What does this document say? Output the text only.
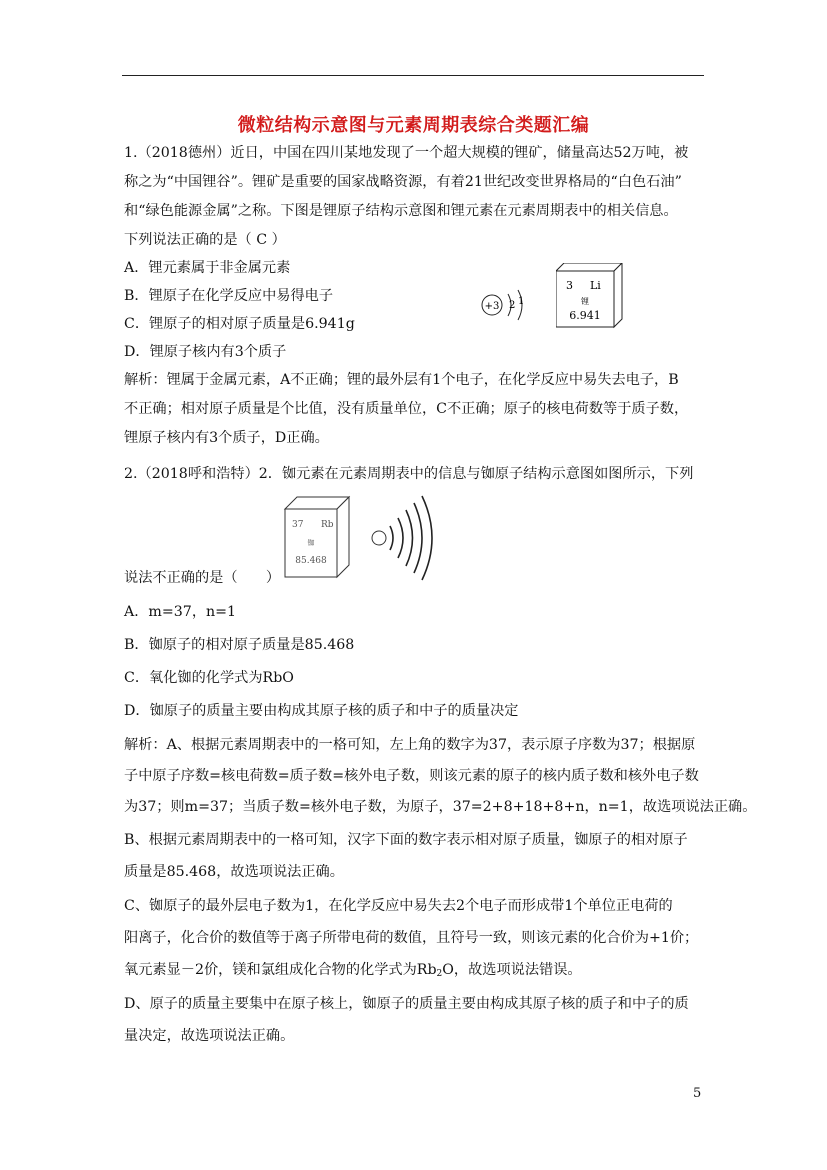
微粒结构示意图与元素周期表综合类题汇编
1.（2018德州）近日，中国在四川某地发现了一个超大规模的锂矿，储量高达52万吨，被
称之为“中国锂谷”。锂矿是重要的国家战略资源，有着21世纪改变世界格局的“白色石油”
和“绿色能源金属”之称。下图是锂原子结构示意图和锂元素在元素周期表中的相关信息。
下列说法正确的是（ C ）
A．锂元素属于非金属元素
B．锂原子在化学反应中易得电子
C．锂原子的相对原子质量是6.941g
D．锂原子核内有3个质子
+3 2 1
3 Li
锂
6.941
解析：锂属于金属元素，A不正确；锂的最外层有1个电子，在化学反应中易失去电子，B
不正确；相对原子质量是个比值，没有质量单位，C不正确；原子的核电荷数等于质子数，
锂原子核内有3个质子，D正确。
2.（2018呼和浩特）2．铷元素在元素周期表中的信息与铷原子结构示意图如图所示，下列
37 Rb
铷
85.468
说法不正确的是（　　）
A．m=37，n=1
B．铷原子的相对原子质量是85.468
C．氧化铷的化学式为RbO
D．铷原子的质量主要由构成其原子核的质子和中子的质量决定
解析：A、根据元素周期表中的一格可知，左上角的数字为37，表示原子序数为37；根据原
子中原子序数=核电荷数=质子数=核外电子数，则该元素的原子的核内质子数和核外电子数
为37；则m=37；当质子数=核外电子数，为原子，37=2+8+18+8+n，n=1，故选项说法正确。
B、根据元素周期表中的一格可知，汉字下面的数字表示相对原子质量，铷原子的相对原子
质量是85.468，故选项说法正确。
C、铷原子的最外层电子数为1，在化学反应中易失去2个电子而形成带1个单位正电荷的
阳离子，化合价的数值等于离子所带电荷的数值，且符号一致，则该元素的化合价为+1价；
氧元素显－2价，镁和氯组成化合物的化学式为$Rb_2O$，故选项说法错误。
D、原子的质量主要集中在原子核上，铷原子的质量主要由构成其原子核的质子和中子的质
量决定，故选项说法正确。
5
